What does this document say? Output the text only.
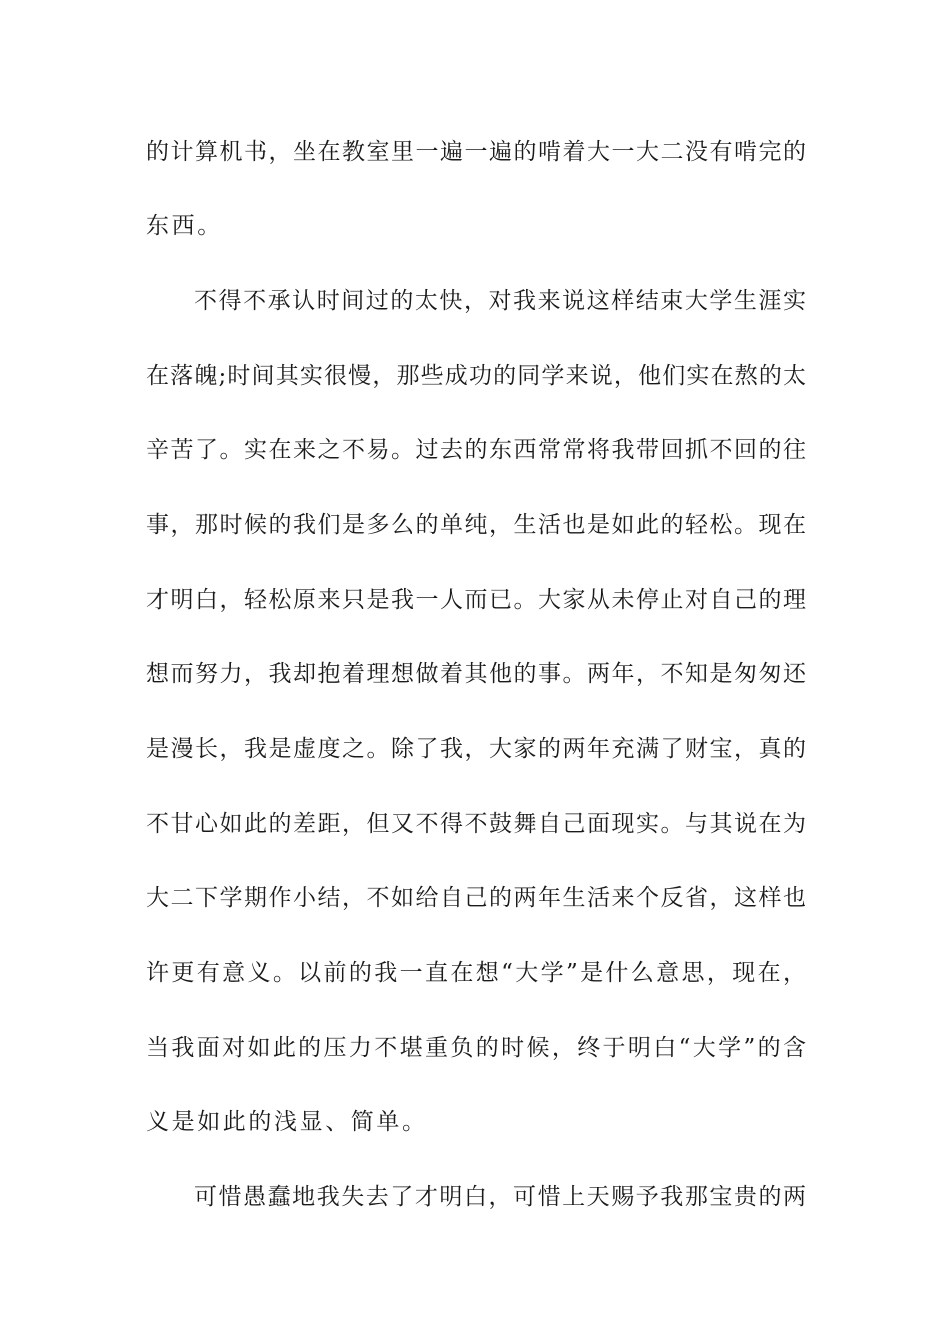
的计算机书，坐在教室里一遍一遍的啃着大一大二没有啃完的
东西。
不得不承认时间过的太快，对我来说这样结束大学生涯实
在落魄;时间其实很慢，那些成功的同学来说，他们实在熬的太
辛苦了。实在来之不易。过去的东西常常将我带回抓不回的往
事，那时候的我们是多么的单纯，生活也是如此的轻松。现在
才明白，轻松原来只是我一人而已。大家从未停止对自己的理
想而努力，我却抱着理想做着其他的事。两年，不知是匆匆还
是漫长，我是虚度之。除了我，大家的两年充满了财宝，真的
不甘心如此的差距，但又不得不鼓舞自己面现实。与其说在为
大二下学期作小结，不如给自己的两年生活来个反省，这样也
许更有意义。以前的我一直在想“大学”是什么意思，现在，
当我面对如此的压力不堪重负的时候，终于明白“大学”的含
义是如此的浅显、简单。
可惜愚蠢地我失去了才明白，可惜上天赐予我那宝贵的两
